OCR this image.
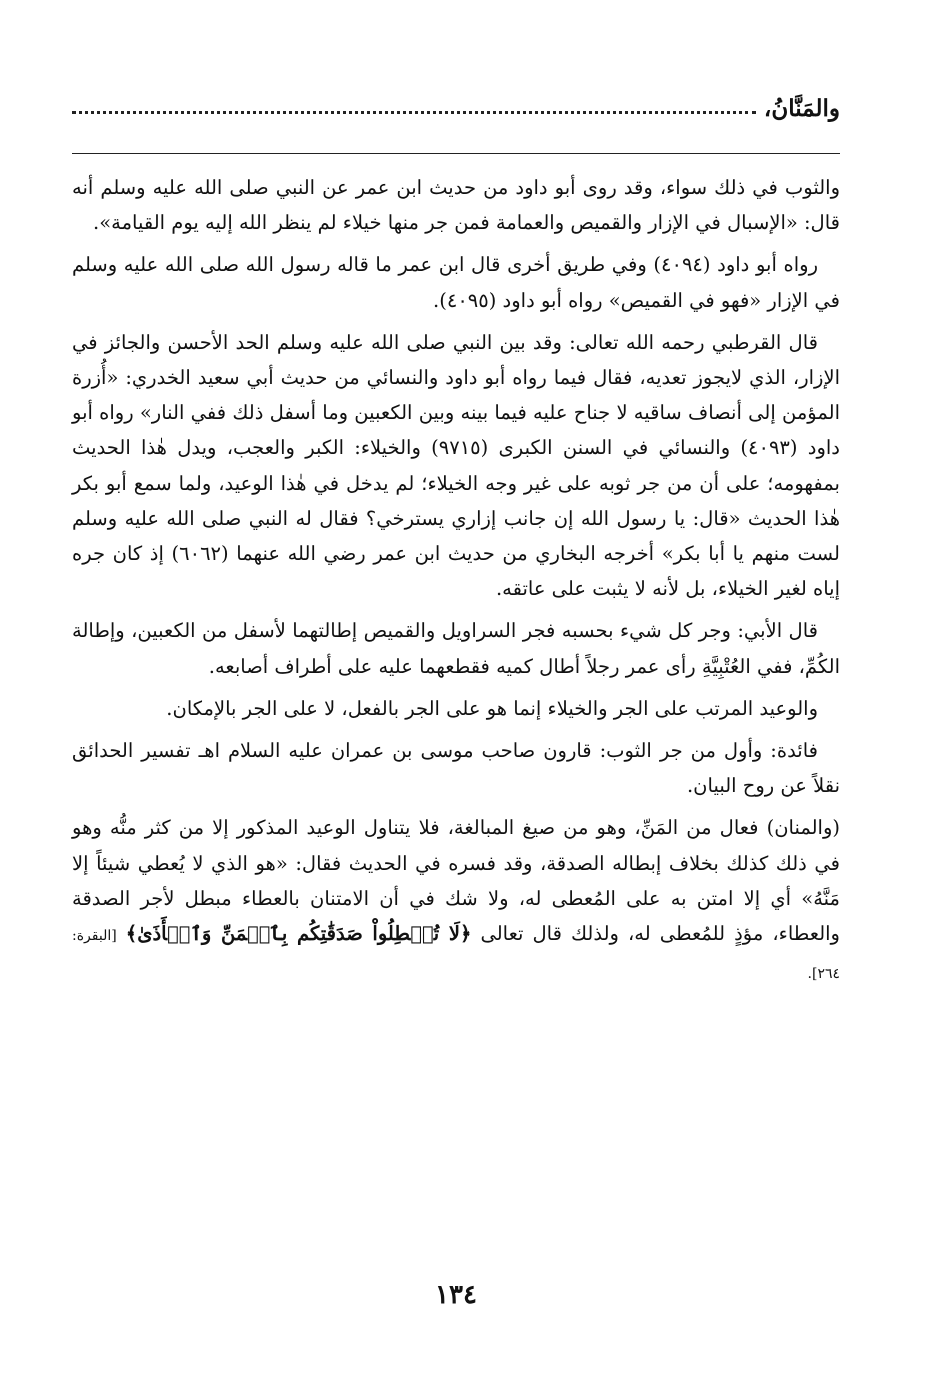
والمَنَّانُ،

والثوب في ذلك سواء، وقد روى أبو داود من حديث ابن عمر عن النبي صلى الله عليه وسلم أنه قال: «الإسبال في الإزار والقميص والعمامة فمن جر منها خيلاء لم ينظر الله إليه يوم القيامة».

رواه أبو داود (٤٠٩٤) وفي طريق أخرى قال ابن عمر ما قاله رسول الله صلى الله عليه وسلم في الإزار «فهو في القميص» رواه أبو داود (٤٠٩٥).

قال القرطبي رحمه الله تعالى: وقد بين النبي صلى الله عليه وسلم الحد الأحسن والجائز في الإزار، الذي لايجوز تعديه، فقال فيما رواه أبو داود والنسائي من حديث أبي سعيد الخدري: «أُزرة المؤمن إلى أنصاف ساقيه لا جناح عليه فيما بينه وبين الكعبين وما أسفل ذلك ففي النار» رواه أبو داود (٤٠٩٣) والنسائي في السنن الكبرى (٩٧١٥) والخيلاء: الكبر والعجب، ويدل هٰذا الحديث بمفهومه؛ على أن من جر ثوبه على غير وجه الخيلاء؛ لم يدخل في هٰذا الوعيد، ولما سمع أبو بكر هٰذا الحديث «قال: يا رسول الله إن جانب إزاري يسترخي؟ فقال له النبي صلى الله عليه وسلم لست منهم يا أبا بكر» أخرجه البخاري من حديث ابن عمر رضي الله عنهما (٦٠٦٢) إذ كان جره إياه لغير الخيلاء، بل لأنه لا يثبت على عاتقه.

قال الأبي: وجر كل شيء بحسبه فجر السراويل والقميص إطالتهما لأسفل من الكعبين، وإطالة الكُمِّ، ففي العُتْبِيَّةِ رأى عمر رجلاً أطال كميه فقطعهما عليه على أطراف أصابعه.

والوعيد المرتب على الجر والخيلاء إنما هو على الجر بالفعل، لا على الجر بالإمكان.

فائدة: وأول من جر الثوب: قارون صاحب موسى بن عمران عليه السلام اهـ تفسير الحدائق نقلاً عن روح البيان.

(والمنان) فعال من المَنِّ، وهو من صيغ المبالغة، فلا يتناول الوعيد المذكور إلا من كثر منُّه وهو في ذلك كذلك بخلاف إبطاله الصدقة، وقد فسره في الحديث فقال: «هو الذي لا يُعطي شيئاً إلا مَنَّهُ» أي إلا امتن به على المُعطى له، ولا شك في أن الامتنان بالعطاء مبطل لأجر الصدقة والعطاء، مؤذٍ للمُعطى له، ولذلك قال تعالى ﴿لَا تُبۡطِلُواْ صَدَقَٰتِكُم بِٱلۡمَنِّ وَٱلۡأَذَىٰ﴾ [البقرة: ٢٦٤].

١٣٤
